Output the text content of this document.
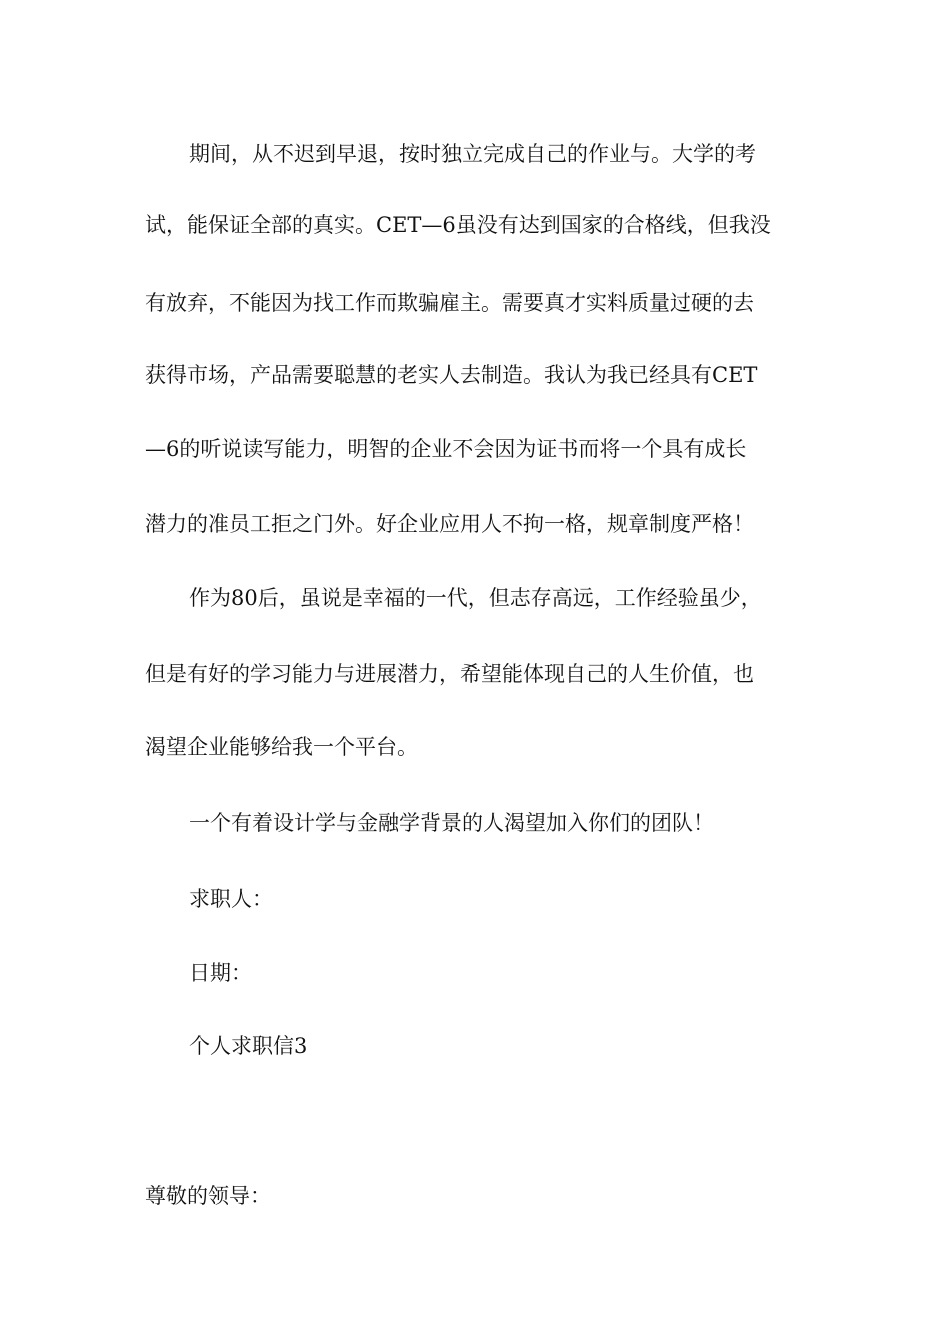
期间，从不迟到早退，按时独立完成自己的作业与。大学的考

试，能保证全部的真实。CET—6虽没有达到国家的合格线，但我没

有放弃，不能因为找工作而欺骗雇主。需要真才实料质量过硬的去

获得市场，产品需要聪慧的老实人去制造。我认为我已经具有CET

—6的听说读写能力，明智的企业不会因为证书而将一个具有成长

潜力的准员工拒之门外。好企业应用人不拘一格，规章制度严格！

作为80后，虽说是幸福的一代，但志存高远，工作经验虽少，

但是有好的学习能力与进展潜力，希望能体现自己的人生价值，也

渴望企业能够给我一个平台。

一个有着设计学与金融学背景的人渴望加入你们的团队！

求职人：

日期：

个人求职信3

尊敬的领导：
